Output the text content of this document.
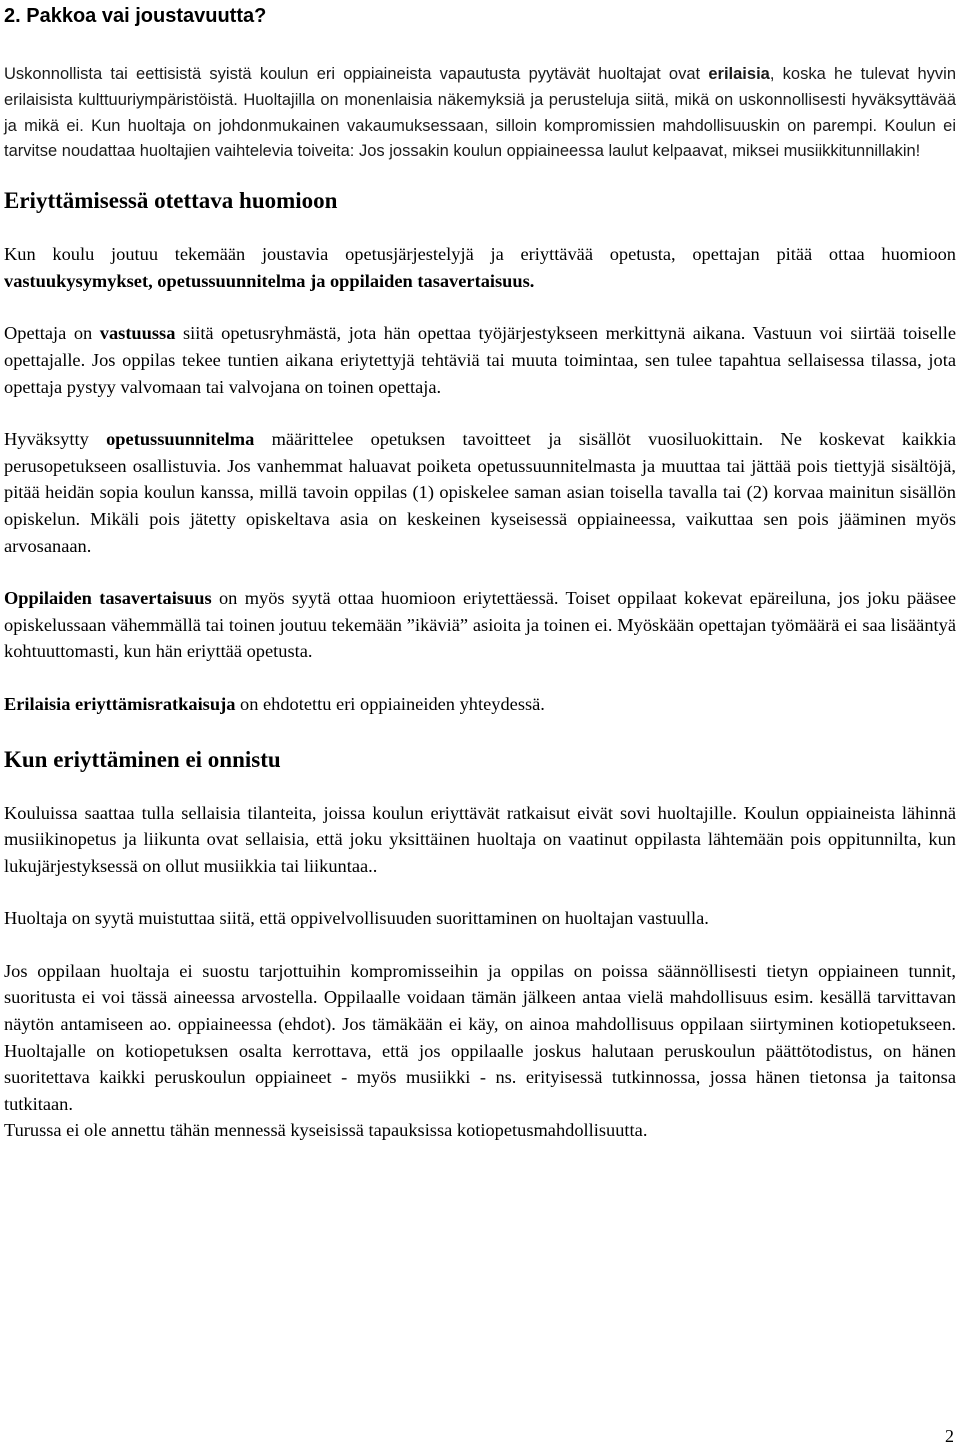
2. Pakkoa vai joustavuutta?

Uskonnollista tai eettisistä syistä koulun eri oppiaineista vapautusta pyytävät huoltajat ovat erilaisia, koska he tulevat hyvin erilaisista kulttuuriympäristöistä. Huoltajilla on monenlaisia näkemyksiä ja perusteluja siitä, mikä on uskonnollisesti hyväksyttävää ja mikä ei. Kun huoltaja on johdonmukainen vakaumuksessaan, silloin kompromissien mahdollisuuskin on parempi. Koulun ei tarvitse noudattaa huoltajien vaihtelevia toiveita: Jos jossakin koulun oppiaineessa laulut kelpaavat, miksei musiikkitunnillakin!

Eriyttämisessä otettava huomioon

Kun koulu joutuu tekemään joustavia opetusjärjestelyjä ja eriyttävää opetusta, opettajan pitää ottaa huomioon vastuukysymykset, opetussuunnitelma ja oppilaiden tasavertaisuus.

Opettaja on vastuussa siitä opetusryhmästä, jota hän opettaa työjärjestykseen merkittynä aikana. Vastuun voi siirtää toiselle opettajalle. Jos oppilas tekee tuntien aikana eriytettyjä tehtäviä tai muuta toimintaa, sen tulee tapahtua sellaisessa tilassa, jota opettaja pystyy valvomaan tai valvojana on toinen opettaja.

Hyväksytty opetussuunnitelma määrittelee opetuksen tavoitteet ja sisällöt vuosiluokittain. Ne koskevat kaikkia perusopetukseen osallistuvia. Jos vanhemmat haluavat poiketa opetussuunnitelmasta ja muuttaa tai jättää pois tiettyjä sisältöjä, pitää heidän sopia koulun kanssa, millä tavoin oppilas (1) opiskelee saman asian toisella tavalla tai (2) korvaa mainitun sisällön opiskelun. Mikäli pois jätetty opiskeltava asia on keskeinen kyseisessä oppiaineessa, vaikuttaa sen pois jääminen myös arvosanaan.

Oppilaiden tasavertaisuus on myös syytä ottaa huomioon eriytettäessä. Toiset oppilaat kokevat epäreiluna, jos joku pääsee opiskelussaan vähemmällä tai toinen joutuu tekemään ”ikäviä” asioita ja toinen ei. Myöskään opettajan työmäärä ei saa lisääntyä kohtuuttomasti, kun hän eriyttää opetusta.

Erilaisia eriyttämisratkaisuja on ehdotettu eri oppiaineiden yhteydessä.

Kun eriyttäminen ei onnistu

Kouluissa saattaa tulla sellaisia tilanteita, joissa koulun eriyttävät ratkaisut eivät sovi huoltajille. Koulun oppiaineista lähinnä musiikinopetus ja liikunta ovat sellaisia, että joku yksittäinen huoltaja on vaatinut oppilasta lähtemään pois oppitunnilta, kun lukujärjestyksessä on ollut musiikkia tai liikuntaa..

Huoltaja on syytä muistuttaa siitä, että oppivelvollisuuden suorittaminen on huoltajan vastuulla.

Jos oppilaan huoltaja ei suostu tarjottuihin kompromisseihin ja oppilas on poissa säännöllisesti tietyn oppiaineen tunnit, suoritusta ei voi tässä aineessa arvostella. Oppilaalle voidaan tämän jälkeen antaa vielä mahdollisuus esim. kesällä tarvittavan näytön antamiseen ao. oppiaineessa (ehdot). Jos tämäkään ei käy, on ainoa mahdollisuus oppilaan siirtyminen kotiopetukseen. Huoltajalle on kotiopetuksen osalta kerrottava, että jos oppilaalle joskus halutaan peruskoulun päättötodistus, on hänen suoritettava kaikki peruskoulun oppiaineet - myös musiikki - ns. erityisessä tutkinnossa, jossa hänen tietonsa ja taitonsa tutkitaan.

Turussa ei ole annettu tähän mennessä kyseisissä tapauksissa kotiopetusmahdollisuutta.

2
